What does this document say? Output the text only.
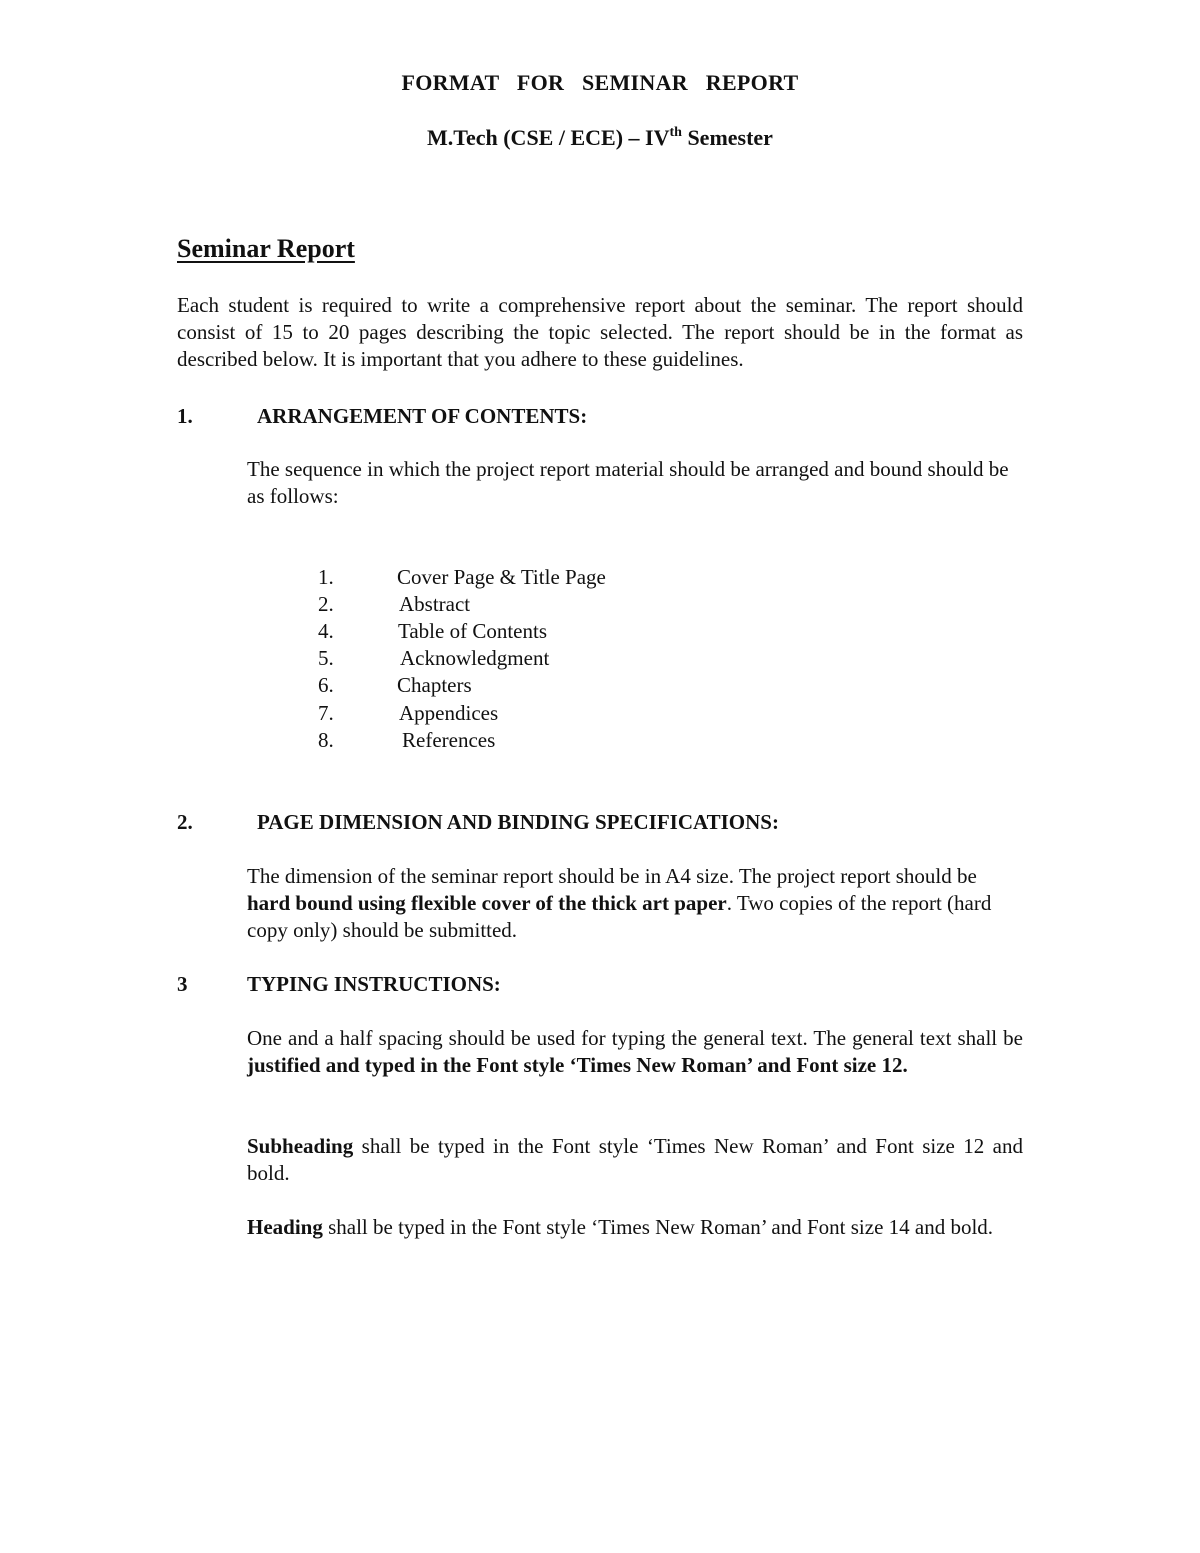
FORMAT FOR SEMINAR REPORT
M.Tech (CSE / ECE) – IVth Semester
Seminar Report

Each student is required to write a comprehensive report about the seminar. The report should consist of 15 to 20 pages describing the topic selected. The report should be in the format as described below. It is important that you adhere to these guidelines.

1.	ARRANGEMENT OF CONTENTS:

The sequence in which the project report material should be arranged and bound should be as follows:

1.	Cover Page & Title Page
2.	Abstract
4.	Table of Contents
5.	Acknowledgment
6.	Chapters
7.	Appendices
8.	References
2.	PAGE DIMENSION AND BINDING SPECIFICATIONS:

The dimension of the seminar report should be in A4 size. The project report should be hard bound using flexible cover of the thick art paper. Two copies of the report (hard copy only) should be submitted.

3	TYPING INSTRUCTIONS:

One and a half spacing should be used for typing the general text. The general text shall be justified and typed in the Font style ‘Times New Roman’ and Font size 12.

Subheading shall be typed in the Font style ‘Times New Roman’ and Font size 12 and bold.

Heading shall be typed in the Font style ‘Times New Roman’ and Font size 14 and bold.
